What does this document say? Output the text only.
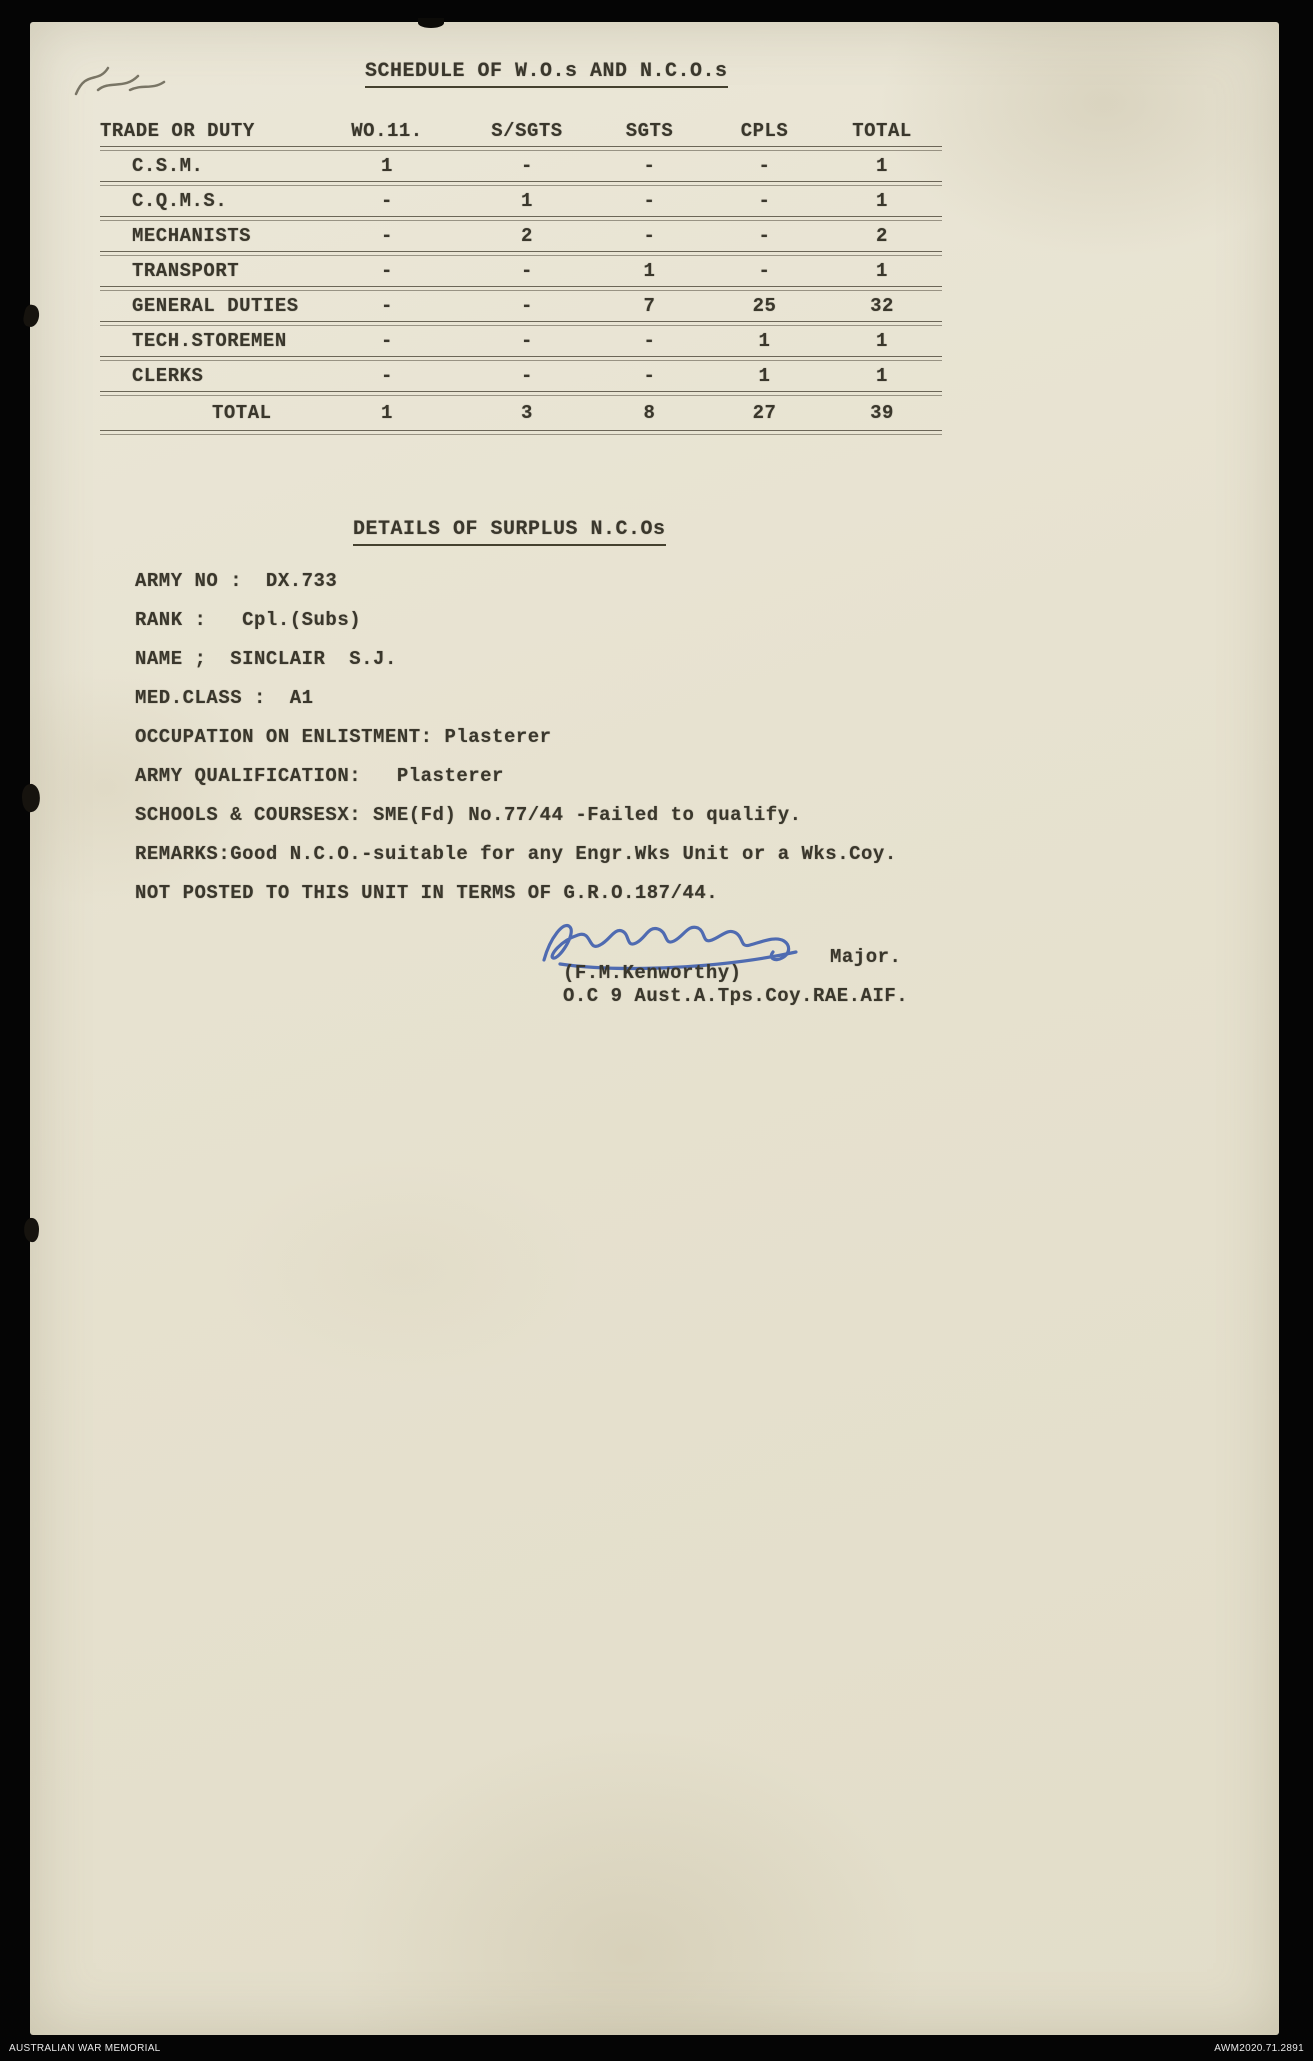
SCHEDULE OF W.O.s AND N.C.O.s
TRADE OR DUTY	WO.11.	S/SGTS	SGTS	CPLS	TOTAL
C.S.M.	1	-	-	-	1
C.Q.M.S.	-	1	-	-	1
MECHANISTS	-	2	-	-	2
TRANSPORT	-	-	1	-	1
GENERAL DUTIES	-	-	7	25	32
TECH.STOREMEN	-	-	-	1	1
CLERKS	-	-	-	1	1
TOTAL	1	3	8	27	39
DETAILS OF SURPLUS N.C.Os
ARMY NO :  DX.733
RANK :   Cpl.(Subs)
NAME ;  SINCLAIR  S.J.
MED.CLASS :  A1
OCCUPATION ON ENLISTMENT: Plasterer
ARMY QUALIFICATION:   Plasterer
SCHOOLS & COURSESX: SME(Fd) No.77/44 -Failed to qualify.
REMARKS:Good N.C.O.-suitable for any Engr.Wks Unit or a Wks.Coy.
NOT POSTED TO THIS UNIT IN TERMS OF G.R.O.187/44.
Major.
(F.M.Kenworthy)
O.C 9 Aust.A.Tps.Coy.RAE.AIF.
AUSTRALIAN WAR MEMORIAL	AWM2020.71.2891
